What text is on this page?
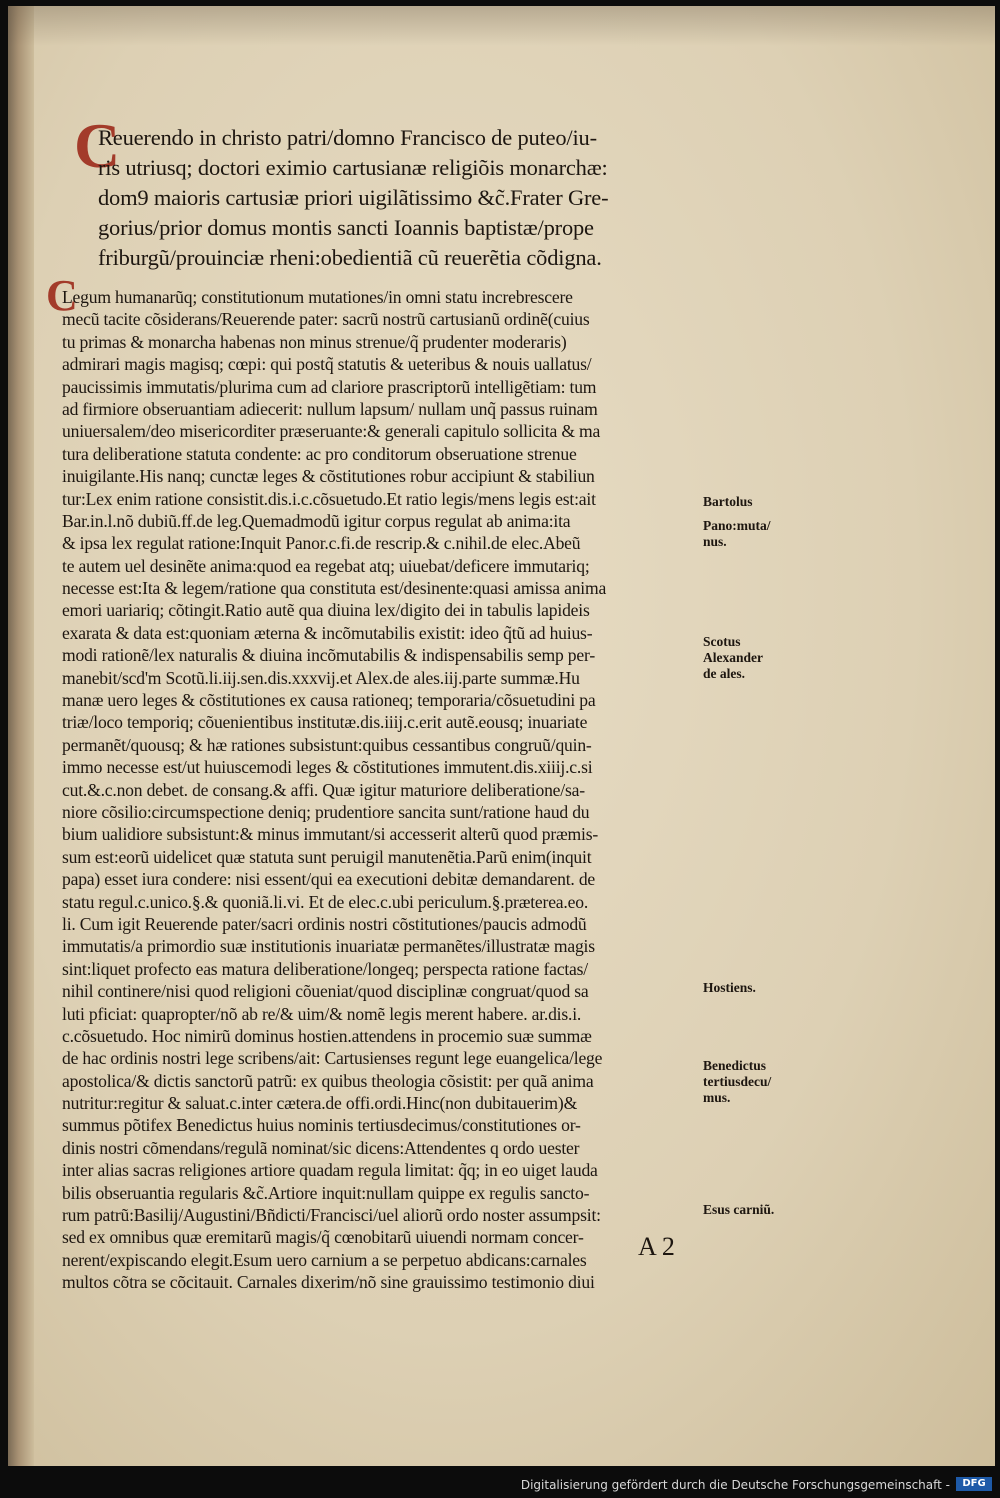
C
C
Reuerendo in christo patri/domno Francisco de puteo/iu-
ris utriusq; doctori eximio cartusianæ religiõis monarchæ:
dom9 maioris cartusiæ priori uigilãtissimo &c̃.Frater Gre-
gorius/prior domus montis sancti Ioannis baptistæ/prope
friburgũ/prouinciæ rheni:obedientiã cũ reuerẽtia cõdigna.
Legum humanarũq; constitutionum mutationes/in omni statu increbrescere
mecũ tacite cõsiderans/Reuerende pater: sacrũ nostrũ cartusianũ ordinẽ(cuius
tu primas & monarcha habenas non minus strenue/q̃ prudenter moderaris)
admirari magis magisq; cœpi: qui postq̃ statutis & ueteribus & nouis uallatus/
paucissimis immutatis/plurima cum ad clariore prascriptorũ intelligẽtiam: tum
ad firmiore obseruantiam adiecerit: nullum lapsum/ nullam unq̃ passus ruinam
uniuersalem/deo misericorditer præseruante:& generali capitulo sollicita & ma
tura deliberatione statuta condente: ac pro conditorum obseruatione strenue
inuigilante.His nanq; cunctæ leges & cõstitutiones robur accipiunt & stabiliun
tur:Lex enim ratione consistit.dis.i.c.cõsuetudo.Et ratio legis/mens legis est:ait
Bar.in.l.nõ dubiũ.ff.de leg.Quemadmodũ igitur corpus regulat ab anima:ita
& ipsa lex regulat ratione:Inquit Panor.c.fi.de rescrip.& c.nihil.de elec.Abeũ
te autem uel desinẽte anima:quod ea regebat atq; uiuebat/deficere immutariq;
necesse est:Ita & legem/ratione qua constituta est/desinente:quasi amissa anima
emori uariariq; cõtingit.Ratio autẽ qua diuina lex/digito dei in tabulis lapideis
exarata & data est:quoniam æterna & incõmutabilis existit: ideo q̃tũ ad huius-
modi rationẽ/lex naturalis & diuina incõmutabilis & indispensabilis semp per-
manebit/scd'm Scotũ.li.iij.sen.dis.xxxvij.et Alex.de ales.iij.parte summæ.Hu
manæ uero leges & cõstitutiones ex causa rationeq; temporaria/cõsuetudini pa
triæ/loco temporiq; cõuenientibus institutæ.dis.iiij.c.erit autẽ.eousq; inuariate
permanẽt/quousq; & hæ rationes subsistunt:quibus cessantibus congruũ/quin-
immo necesse est/ut huiuscemodi leges & cõstitutiones immutent.dis.xiiij.c.si
cut.&.c.non debet. de consang.& affi. Quæ igitur maturiore deliberatione/sa-
niore cõsilio:circumspectione deniq; prudentiore sancita sunt/ratione haud du
bium ualidiore subsistunt:& minus immutant/si accesserit alterũ quod præmis-
sum est:eorũ uidelicet quæ statuta sunt peruigil manutenẽtia.Parũ enim(inquit
papa) esset iura condere: nisi essent/qui ea executioni debitæ demandarent. de
statu regul.c.unico.§.& quoniã.li.vi. Et de elec.c.ubi periculum.§.præterea.eo.
li. Cum igit Reuerende pater/sacri ordinis nostri cõstitutiones/paucis admodũ
immutatis/a primordio suæ institutionis inuariatæ permanẽtes/illustratæ magis
sint:liquet profecto eas matura deliberatione/longeq; perspecta ratione factas/
nihil continere/nisi quod religioni cõueniat/quod disciplinæ congruat/quod sa
luti pficiat: quapropter/nõ ab re/& uim/& nomẽ legis merent habere. ar.dis.i.
c.cõsuetudo. Hoc nimirũ dominus hostien.attendens in procemio suæ summæ
de hac ordinis nostri lege scribens/ait: Cartusienses regunt lege euangelica/lege
apostolica/& dictis sanctorũ patrũ: ex quibus theologia cõsistit: per quã anima
nutritur:regitur & saluat.c.inter cætera.de offi.ordi.Hinc(non dubitauerim)&
summus põtifex Benedictus huius nominis tertiusdecimus/constitutiones or-
dinis nostri cõmendans/regulã nominat/sic dicens:Attendentes q ordo uester
inter alias sacras religiones artiore quadam regula limitat: q̃q; in eo uiget lauda
bilis obseruantia regularis &c̃.Artiore inquit:nullam quippe ex regulis sancto-
rum patrũ:Basilij/Augustini/Bñdicti/Francisci/uel aliorũ ordo noster assumpsit:
sed ex omnibus quæ eremitarũ magis/q̃ cœnobitarũ uiuendi normam concer-
nerent/expiscando elegit.Esum uero carnium a se perpetuo abdicans:carnales
multos cõtra se cõcitauit. Carnales dixerim/nõ sine grauissimo testimonio diui
Bartolus
Pano:muta/
nus.
Scotus
Alexander
de ales.
Hostiens.
Benedictus
tertiusdecu/
mus.
Esus carniũ.
A 2
Digitalisierung gefördert durch die Deutsche Forschungsgemeinschaft -	DFG
